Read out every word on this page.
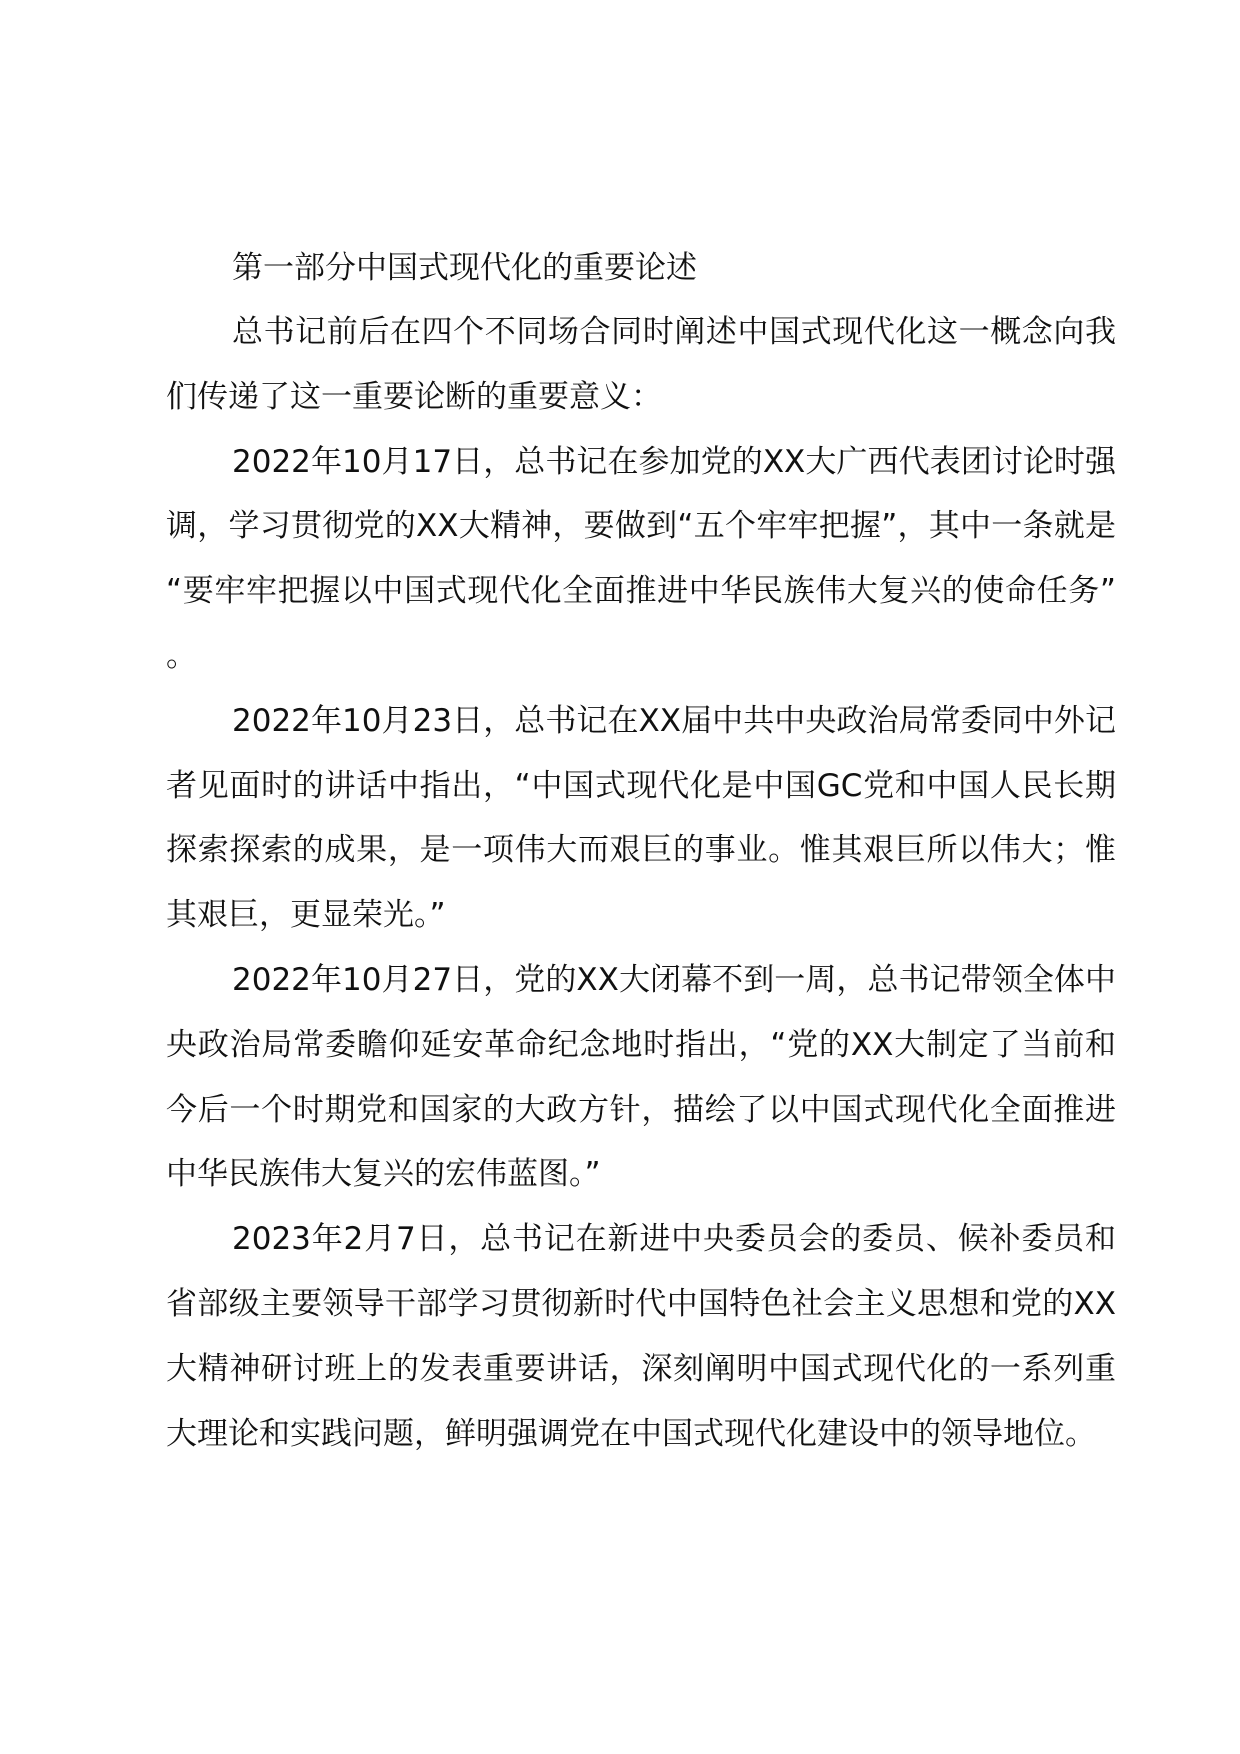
第一部分中国式现代化的重要论述

总书记前后在四个不同场合同时阐述中国式现代化这一概念向我们传递了这一重要论断的重要意义：

2022年10月17日，总书记在参加党的XX大广西代表团讨论时强调，学习贯彻党的XX大精神，要做到“五个牢牢把握”，其中一条就是“要牢牢把握以中国式现代化全面推进中华民族伟大复兴的使命任务”。

2022年10月23日，总书记在XX届中共中央政治局常委同中外记者见面时的讲话中指出，“中国式现代化是中国GC党和中国人民长期探索探索的成果，是一项伟大而艰巨的事业。惟其艰巨所以伟大；惟其艰巨，更显荣光。”

2022年10月27日，党的XX大闭幕不到一周，总书记带领全体中央政治局常委瞻仰延安革命纪念地时指出，“党的XX大制定了当前和今后一个时期党和国家的大政方针，描绘了以中国式现代化全面推进中华民族伟大复兴的宏伟蓝图。”

2023年2月7日，总书记在新进中央委员会的委员、候补委员和省部级主要领导干部学习贯彻新时代中国特色社会主义思想和党的XX大精神研讨班上的发表重要讲话，深刻阐明中国式现代化的一系列重大理论和实践问题，鲜明强调党在中国式现代化建设中的领导地位。
